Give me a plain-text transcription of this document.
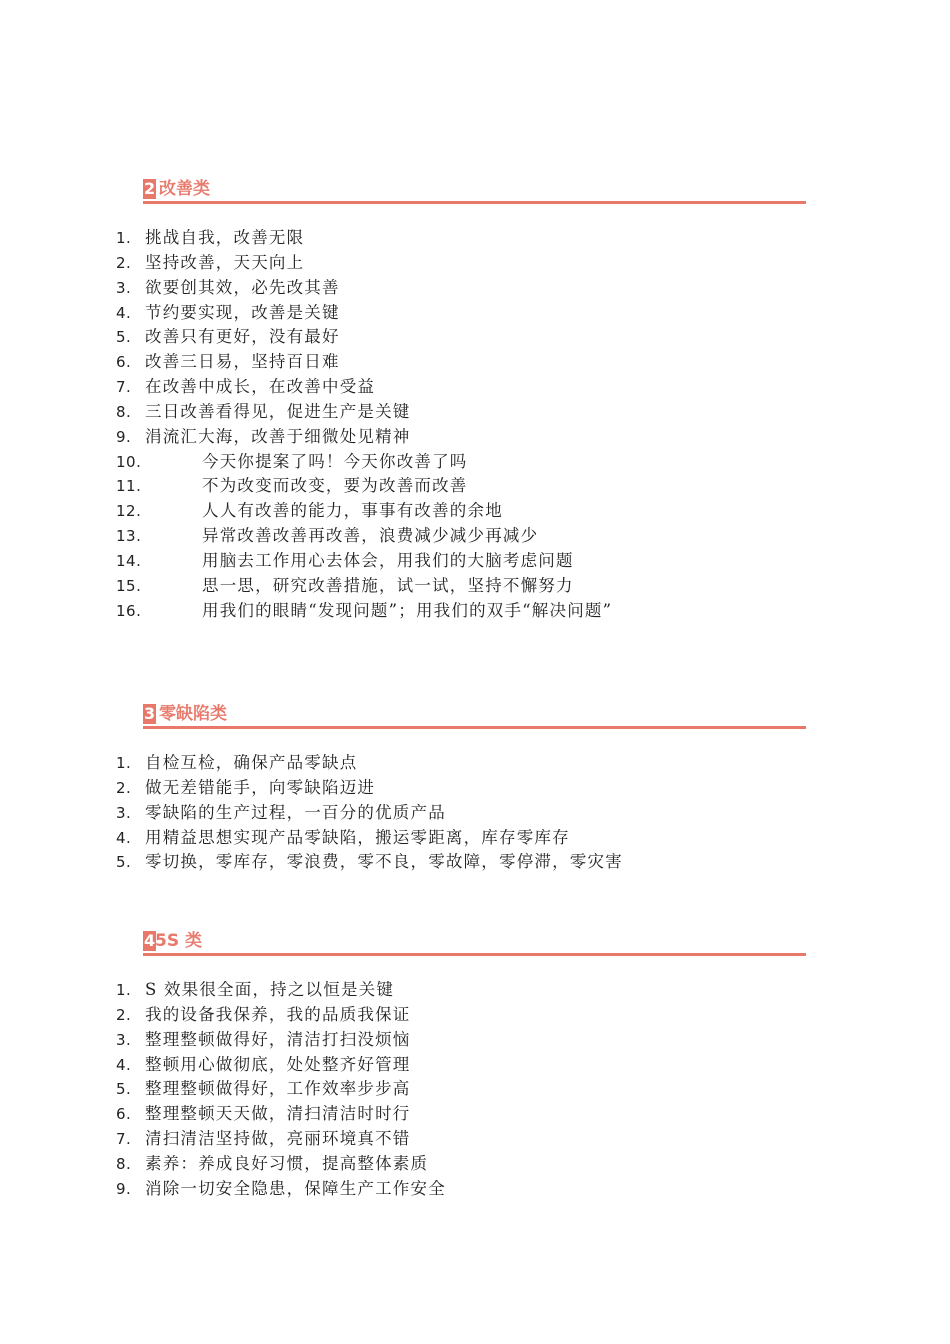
2 改善类
1. 挑战自我，改善无限
2. 坚持改善，天天向上
3. 欲要创其效，必先改其善
4. 节约要实现，改善是关键
5. 改善只有更好，没有最好
6. 改善三日易，坚持百日难
7. 在改善中成长，在改善中受益
8. 三日改善看得见，促进生产是关键
9. 涓流汇大海，改善于细微处见精神
10.	今天你提案了吗！今天你改善了吗
11.	不为改变而改变，要为改善而改善
12.	人人有改善的能力，事事有改善的余地
13.	异常改善改善再改善，浪费减少减少再减少
14.	用脑去工作用心去体会，用我们的大脑考虑问题
15.	思一思，研究改善措施，试一试，坚持不懈努力
16.	用我们的眼睛“发现问题”；用我们的双手“解决问题”
3 零缺陷类
1. 自检互检，确保产品零缺点
2. 做无差错能手，向零缺陷迈进
3. 零缺陷的生产过程，一百分的优质产品
4. 用精益思想实现产品零缺陷，搬运零距离，库存零库存
5. 零切换，零库存，零浪费，零不良，零故障，零停滞，零灾害
4 5S 类
1. S 效果很全面，持之以恒是关键
2. 我的设备我保养，我的品质我保证
3. 整理整顿做得好，清洁打扫没烦恼
4. 整顿用心做彻底，处处整齐好管理
5. 整理整顿做得好，工作效率步步高
6. 整理整顿天天做，清扫清洁时时行
7. 清扫清洁坚持做，亮丽环境真不错
8. 素养：养成良好习惯，提高整体素质
9. 消除一切安全隐患，保障生产工作安全
